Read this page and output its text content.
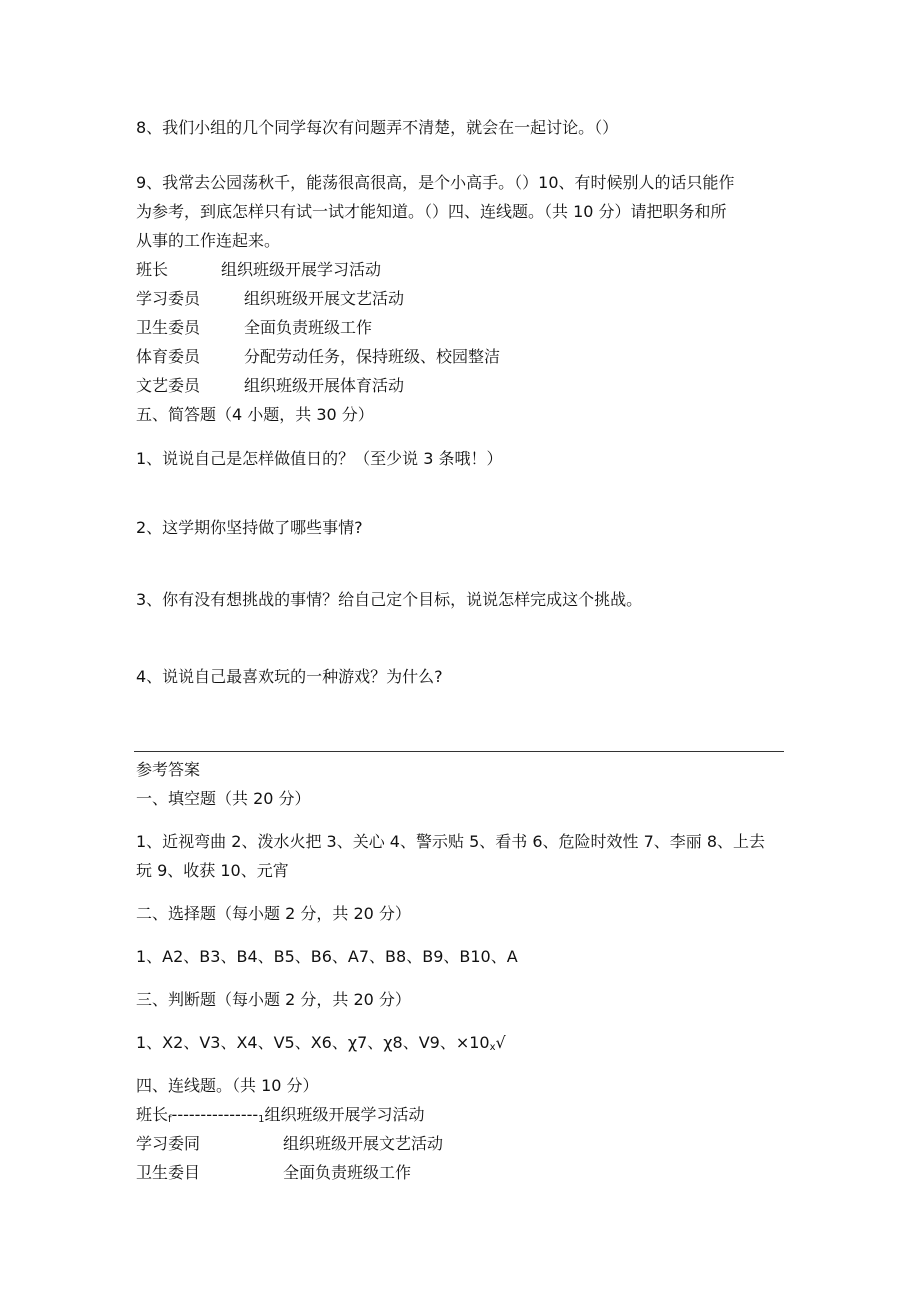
8、我们小组的几个同学每次有问题弄不清楚，就会在一起讨论。（）
9、我常去公园荡秋千，能荡很高很高，是个小高手。（）10、有时候别人的话只能作
为参考，到底怎样只有试一试才能知道。（）四、连线题。（共 10 分）请把职务和所
从事的工作连起来。
班长	组织班级开展学习活动
学习委员	组织班级开展文艺活动
卫生委员	全面负责班级工作
体育委员	分配劳动任务，保持班级、校园整洁
文艺委员	组织班级开展体育活动
五、简答题（4 小题，共 30 分）
1、说说自己是怎样做值日的？（至少说 3 条哦！）
2、这学期你坚持做了哪些事情?
3、你有没有想挑战的事情？给自己定个目标，说说怎样完成这个挑战。
4、说说自己最喜欢玩的一种游戏？为什么?
参考答案
一、填空题（共 20 分）
1、近视弯曲 2、泼水火把 3、关心 4、警示贴 5、看书 6、危险时效性 7、李丽 8、上去
玩 9、收获 10、元宵
二、选择题（每小题 2 分，共 20 分）
1、A2、B3、B4、B5、B6、A7、B8、B9、B10、A
三、判断题（每小题 2 分，共 20 分）
1、X2、V3、X4、V5、X6、χ7、χ8、V9、$\times 10_x√$
四、连线题。（共 10 分）
班长$_f---------------_1$组织班级开展学习活动
学习委同	组织班级开展文艺活动
卫生委目	全面负责班级工作
